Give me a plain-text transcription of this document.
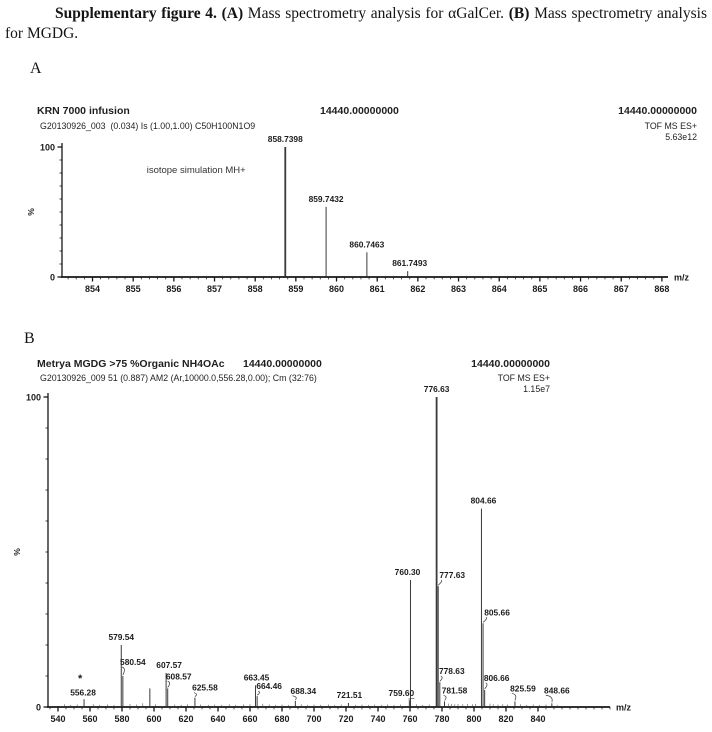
Supplementary figure 4. (A) Mass spectrometry analysis for αGalCer. (B) Mass spectrometry analysis for MGDG.

A
KRN 7000 infusion	14440.00000000	14440.00000000
G20130926_003  (0.034) Is (1.00,1.00) C50H100N1O9	TOF MS ES+
5.63e12
%
m/z
854	855	856	857	858	859	860	861	862	863	864	865	866	867	868
100
0
858.7398
859.7432
860.7463
861.7493
isotope simulation MH+
B
Metrya MGDG >75 %Organic NH4OAc 14440.00000000	14440.00000000
G20130926_009 51 (0.887) AM2 (Ar,10000.0,556.28,0.00); Cm (32:76)	TOF MS ES+
1.15e7
%
m/z
540 560 580 600 620 640 660 680 700 720 740 760 780 800 820 840
100
0
556.28
579.54
580.54 607.57
608.57
625.58
663.45
664.46 688.34 721.51	759.60
760.30
776.63
777.63
778.63
781.58
804.66
805.66
806.66
825.59 848.66
*
